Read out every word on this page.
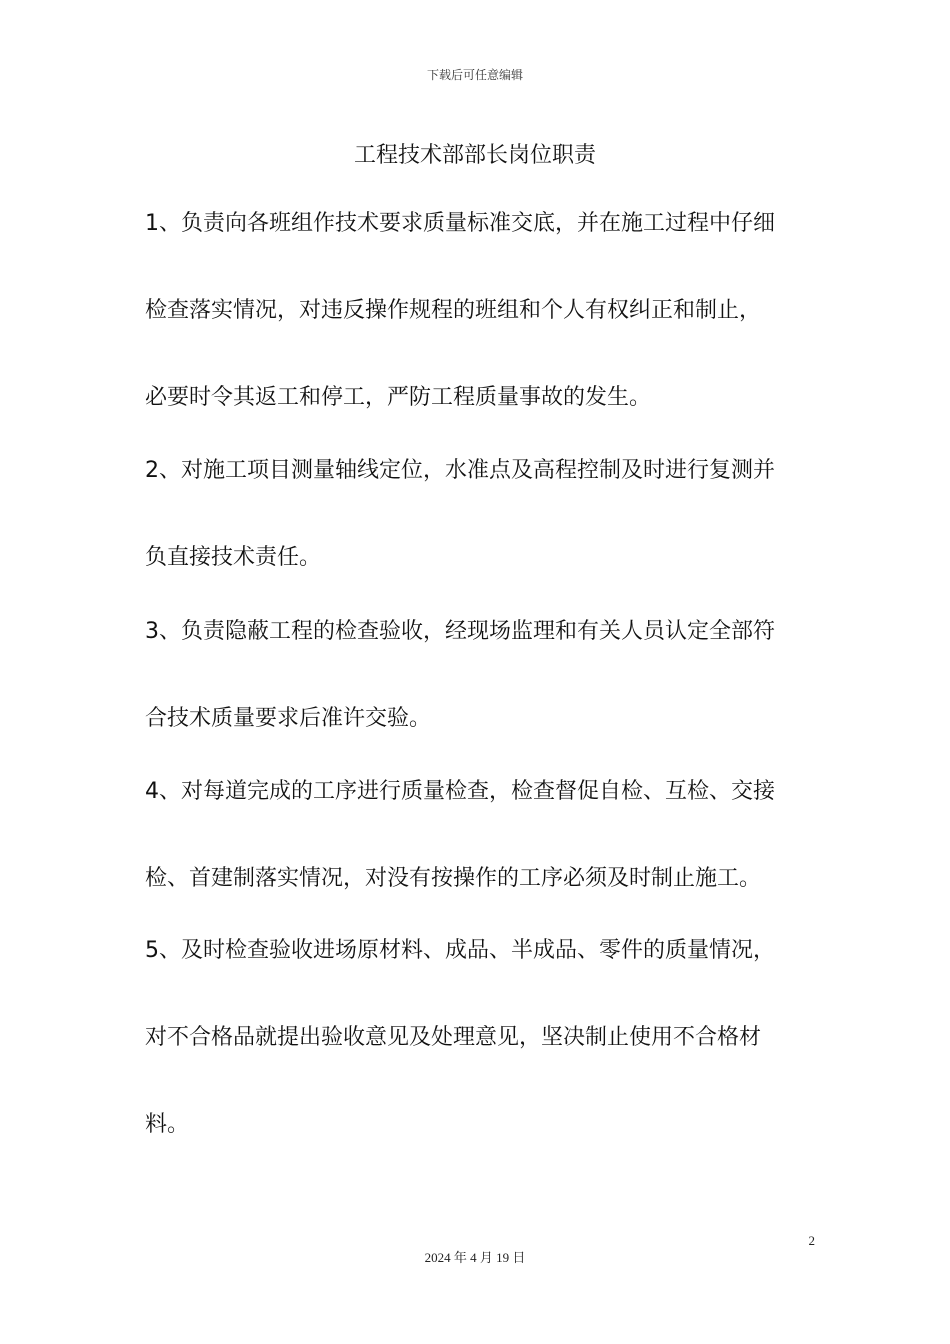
下载后可任意编辑
工程技术部部长岗位职责
1、负责向各班组作技术要求质量标准交底，并在施工过程中仔细
检查落实情况，对违反操作规程的班组和个人有权纠正和制止，
必要时令其返工和停工，严防工程质量事故的发生。
2、对施工项目测量轴线定位，水准点及高程控制及时进行复测并
负直接技术责任。
3、负责隐蔽工程的检查验收，经现场监理和有关人员认定全部符
合技术质量要求后准许交验。
4、对每道完成的工序进行质量检查，检查督促自检、互检、交接
检、首建制落实情况，对没有按操作的工序必须及时制止施工。
5、及时检查验收进场原材料、成品、半成品、零件的质量情况，
对不合格品就提出验收意见及处理意见，坚决制止使用不合格材
料。
2
2024 年 4 月 19 日
